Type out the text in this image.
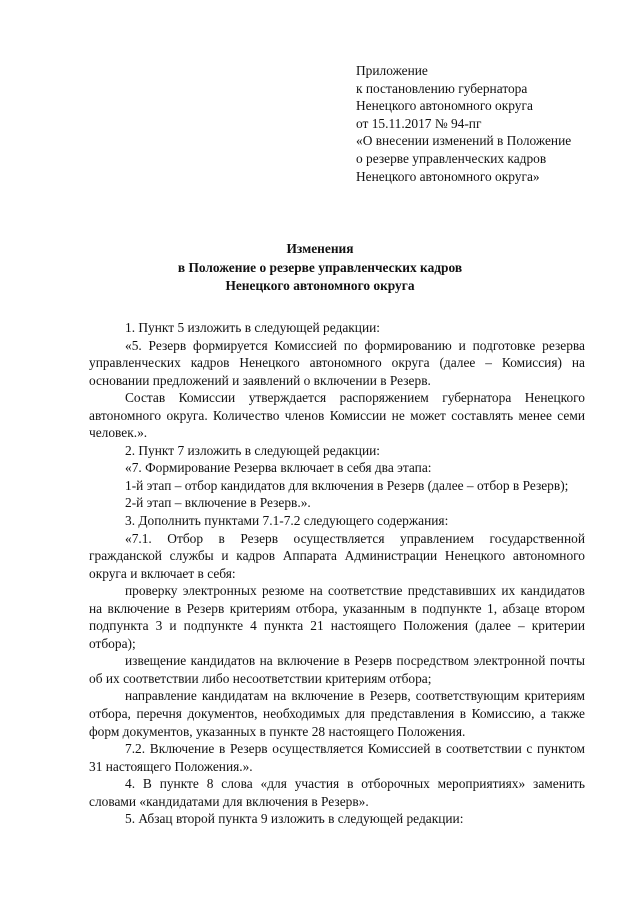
Приложение
к постановлению губернатора
Ненецкого автономного округа
от 15.11.2017 № 94-пг
«О внесении изменений в Положение
о резерве управленческих кадров
Ненецкого автономного округа»
Изменения
в Положение о резерве управленческих кадров
Ненецкого автономного округа

1. Пункт 5 изложить в следующей редакции:

«5. Резерв формируется Комиссией по формированию и подготовке резерва управленческих кадров Ненецкого автономного округа (далее – Комиссия) на основании предложений и заявлений о включении в Резерв.

Состав Комиссии утверждается распоряжением губернатора Ненецкого автономного округа. Количество членов Комиссии не может составлять менее семи человек.».

2. Пункт 7 изложить в следующей редакции:

«7. Формирование Резерва включает в себя два этапа:

1-й этап – отбор кандидатов для включения в Резерв (далее – отбор в Резерв);

2-й этап – включение в Резерв.».

3. Дополнить пунктами 7.1-7.2 следующего содержания:

«7.1. Отбор в Резерв осуществляется управлением государственной гражданской службы и кадров Аппарата Администрации Ненецкого автономного округа и включает в себя:

проверку электронных резюме на соответствие представивших их кандидатов на включение в Резерв критериям отбора, указанным в подпункте 1, абзаце втором подпункта 3 и подпункте 4 пункта 21 настоящего Положения (далее – критерии отбора);

извещение кандидатов на включение в Резерв посредством электронной почты об их соответствии либо несоответствии критериям отбора;

направление кандидатам на включение в Резерв, соответствующим критериям отбора, перечня документов, необходимых для представления в Комиссию, а также форм документов, указанных в пункте 28 настоящего Положения.

7.2. Включение в Резерв осуществляется Комиссией в соответствии с пунктом 31 настоящего Положения.».

4. В пункте 8 слова «для участия в отборочных мероприятиях» заменить словами «кандидатами для включения в Резерв».

5. Абзац второй пункта 9 изложить в следующей редакции:
